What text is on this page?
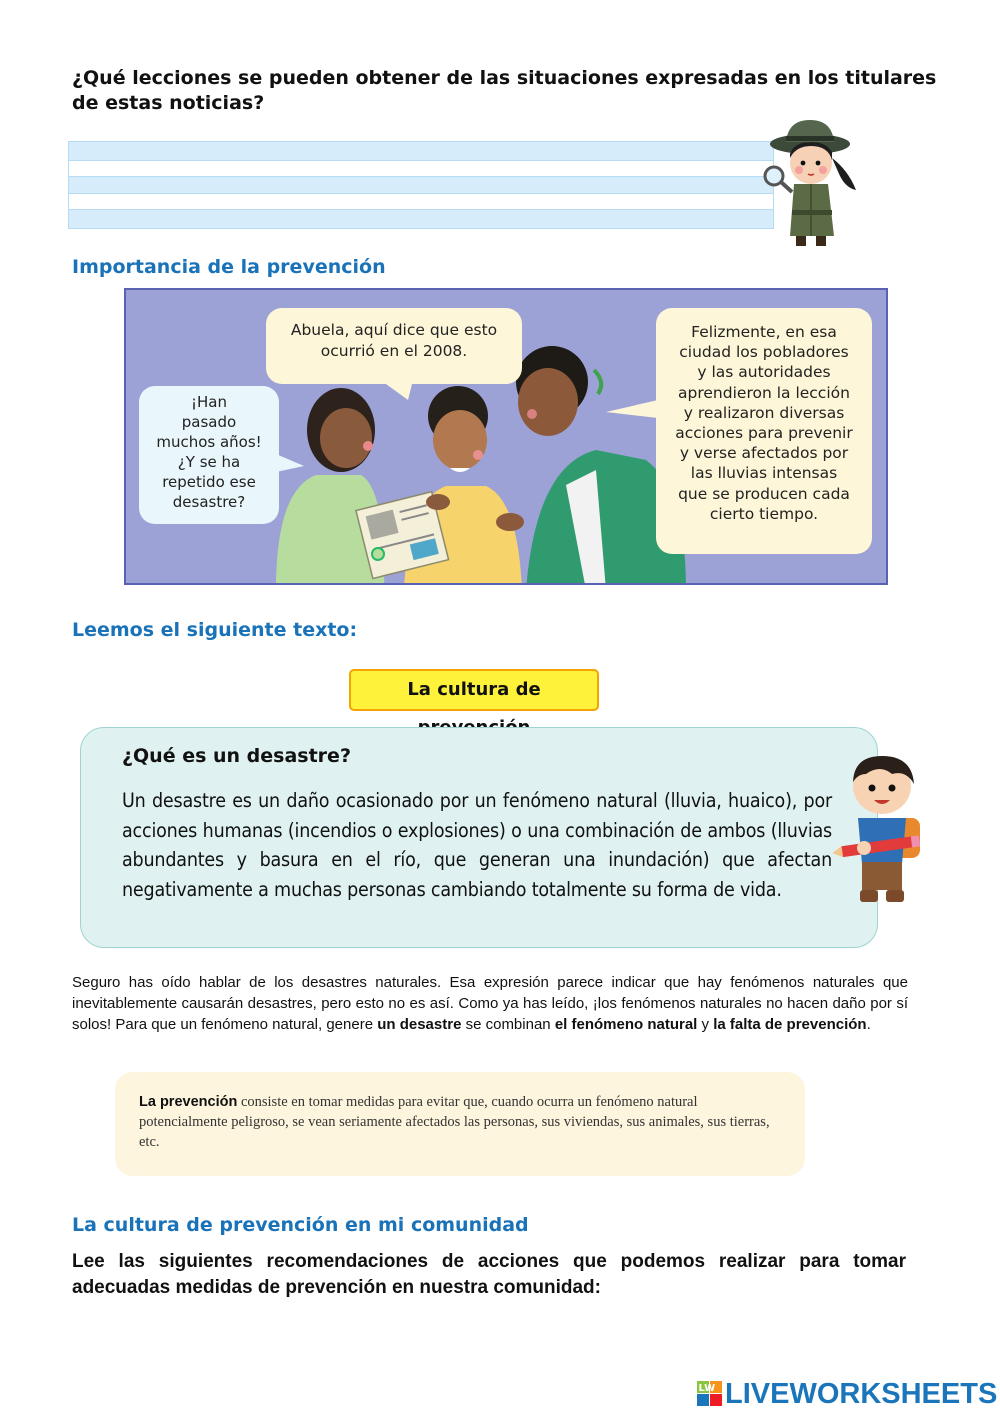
¿Qué lecciones se pueden obtener de las situaciones expresadas en los titulares de estas noticias?
Importancia de la prevención
¡Han
pasado
muchos años!
¿Y se ha
repetido ese
desastre?
Abuela, aquí dice que esto
ocurrió en el 2008.
Felizmente, en esa
ciudad los pobladores
y las autoridades
aprendieron la lección
y realizaron diversas
acciones para prevenir
y verse afectados por
las lluvias intensas
que se producen cada
cierto tiempo.
Leemos el siguiente texto:
La cultura de
¿Qué es un desastre?
Un desastre es un daño ocasionado por un fenómeno natural (lluvia, huaico), por acciones humanas (incendios o explosiones) o una combinación de ambos (lluvias abundantes y basura en el río, que generan una inundación) que afectan negativamente a muchas personas cambiando totalmente su forma de vida.
Seguro has oído hablar de los desastres naturales. Esa expresión parece indicar que hay fenómenos naturales que inevitablemente causarán desastres, pero esto no es así. Como ya has leído, ¡los fenómenos naturales no hacen daño por sí solos! Para que un fenómeno natural, genere un desastre se combinan el fenómeno natural y la falta de prevención.
La prevención consiste en tomar medidas para evitar que, cuando ocurra un fenómeno natural potencialmente peligroso, se vean seriamente afectados las personas, sus viviendas, sus animales, sus tierras, etc.
La cultura de prevención en mi comunidad
Lee las siguientes recomendaciones de acciones que podemos realizar para tomar adecuadas medidas de prevención en nuestra comunidad:
LW LIVEWORKSHEETS
